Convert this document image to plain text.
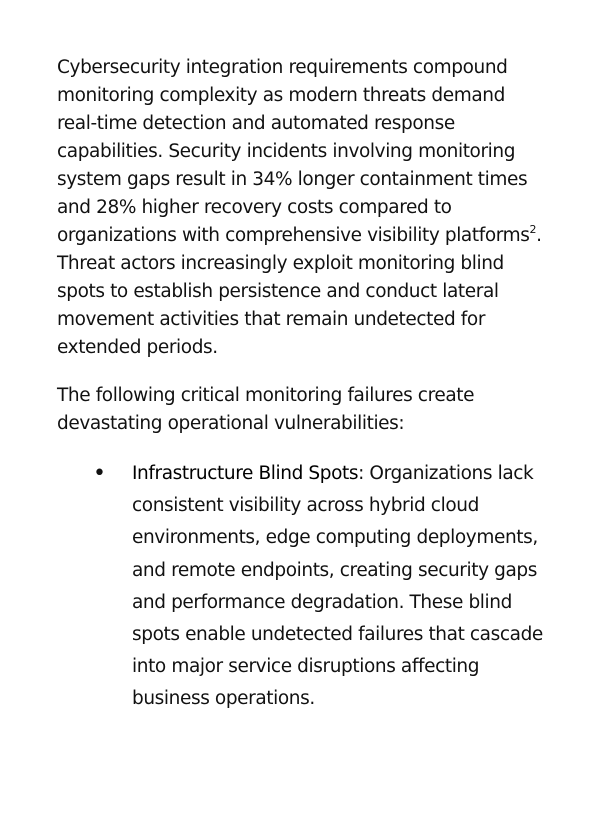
Cybersecurity integration requirements compound monitoring complexity as modern threats demand real-time detection and automated response capabilities. Security incidents involving monitoring system gaps result in 34% longer containment times and 28% higher recovery costs compared to organizations with comprehensive visibility platforms$^2$. Threat actors increasingly exploit monitoring blind spots to establish persistence and conduct lateral movement activities that remain undetected for extended periods.

The following critical monitoring failures create devastating operational vulnerabilities:

• Infrastructure Blind Spots: Organizations lack consistent visibility across hybrid cloud environments, edge computing deployments, and remote endpoints, creating security gaps and performance degradation. These blind spots enable undetected failures that cascade into major service disruptions affecting business operations.
